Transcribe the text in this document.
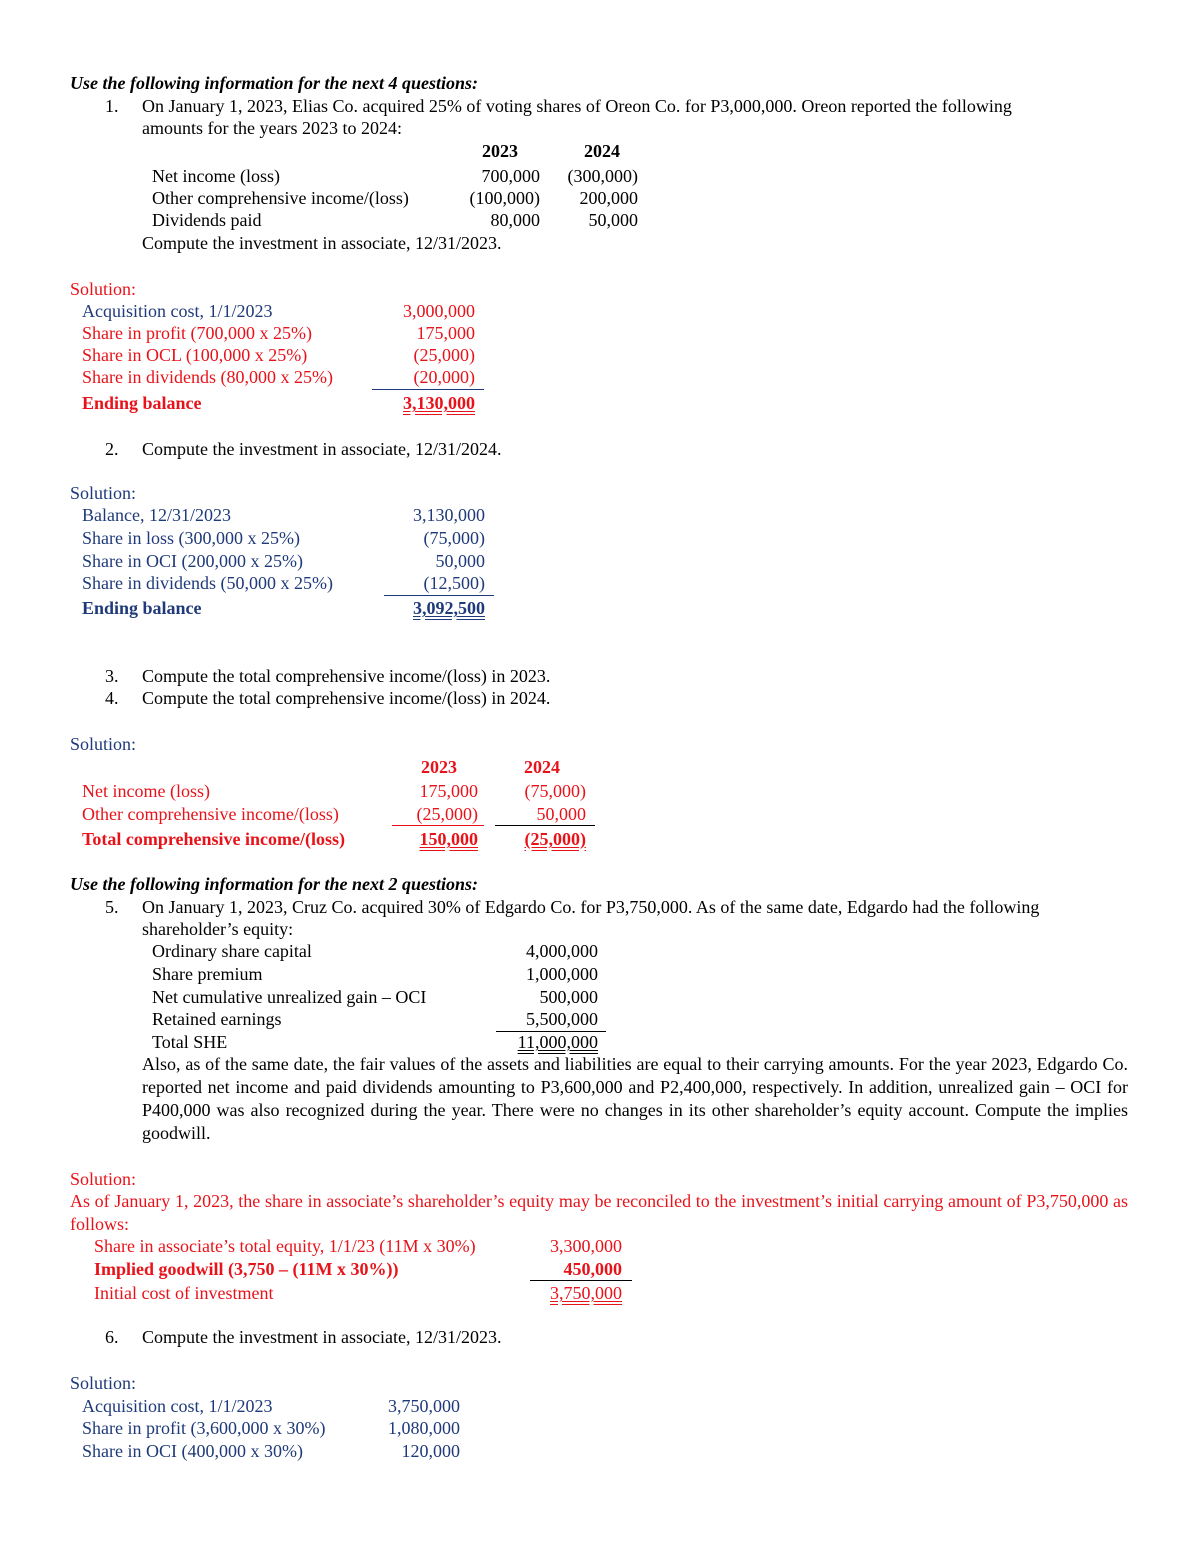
Use the following information for the next 4 questions:
1. On January 1, 2023, Elias Co. acquired 25% of voting shares of Oreon Co. for P3,000,000. Oreon reported the following
amounts for the years 2023 to 2024:
2023	2024
Net income (loss)	700,000	(300,000)
Other comprehensive income/(loss)	(100,000)	200,000
Dividends paid	80,000	50,000
Compute the investment in associate, 12/31/2023.
Solution:
Acquisition cost, 1/1/2023	3,000,000
Share in profit (700,000 x 25%)	175,000
Share in OCL (100,000 x 25%)	(25,000)
Share in dividends (80,000 x 25%)	(20,000)
Ending balance	3,130,000
2. Compute the investment in associate, 12/31/2024.
Solution:
Balance, 12/31/2023	3,130,000
Share in loss (300,000 x 25%)	(75,000)
Share in OCI (200,000 x 25%)	50,000
Share in dividends (50,000 x 25%)	(12,500)
Ending balance	3,092,500
3. Compute the total comprehensive income/(loss) in 2023.
4. Compute the total comprehensive income/(loss) in 2024.
Solution:
2023	2024
Net income (loss)	175,000	(75,000)
Other comprehensive income/(loss)	(25,000)	50,000
Total comprehensive income/(loss)	150,000	(25,000)
Use the following information for the next 2 questions:
5. On January 1, 2023, Cruz Co. acquired 30% of Edgardo Co. for P3,750,000. As of the same date, Edgardo had the following
shareholder’s equity:
Ordinary share capital	4,000,000
Share premium	1,000,000
Net cumulative unrealized gain – OCI	500,000
Retained earnings	5,500,000
Total SHE	11,000,000
Also, as of the same date, the fair values of the assets and liabilities are equal to their carrying amounts. For the year 2023, Edgardo Co. reported net income and paid dividends amounting to P3,600,000 and P2,400,000, respectively. In addition, unrealized gain – OCI for P400,000 was also recognized during the year. There were no changes in its other shareholder’s equity account. Compute the implies goodwill.
Solution:
As of January 1, 2023, the share in associate’s shareholder’s equity may be reconciled to the investment’s initial carrying amount of P3,750,000 as follows:
Share in associate’s total equity, 1/1/23 (11M x 30%)	3,300,000
Implied goodwill (3,750 – (11M x 30%))	450,000
Initial cost of investment	3,750,000
6. Compute the investment in associate, 12/31/2023.
Solution:
Acquisition cost, 1/1/2023	3,750,000
Share in profit (3,600,000 x 30%)	1,080,000
Share in OCI (400,000 x 30%)	120,000
